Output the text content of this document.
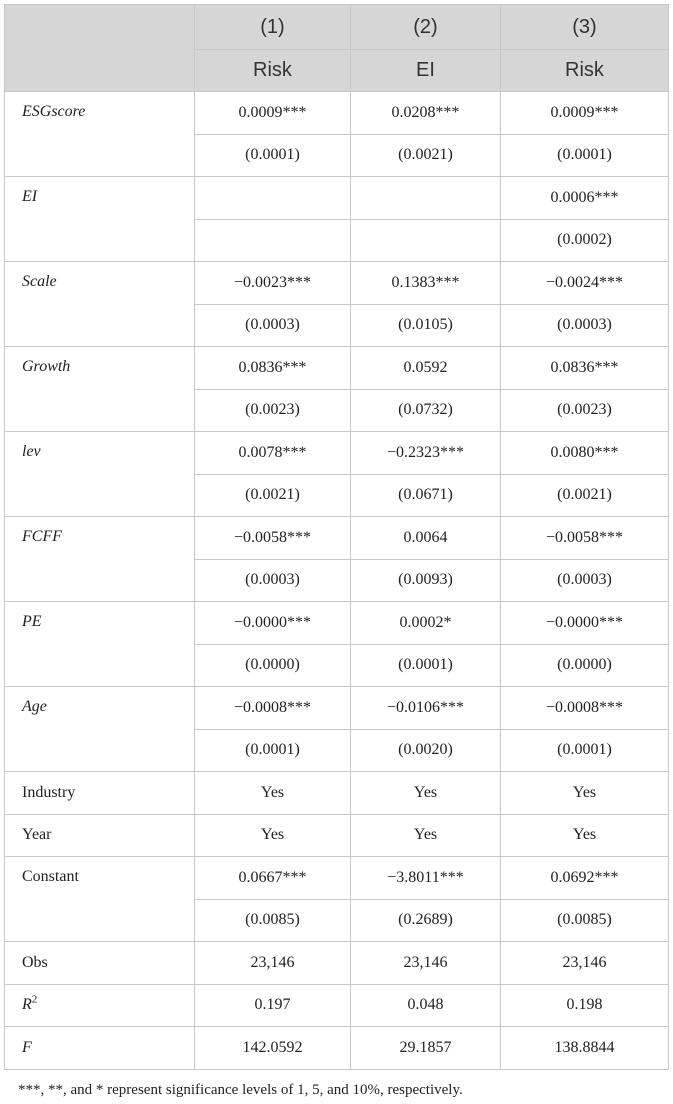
	(1)	(2)	(3)
	Risk	EI	Risk
ESGscore	0.0009***	0.0208***	0.0009***
	(0.0001)	(0.0021)	(0.0001)
EI			0.0006***
			(0.0002)
Scale	−0.0023***	0.1383***	−0.0024***
	(0.0003)	(0.0105)	(0.0003)
Growth	0.0836***	0.0592	0.0836***
	(0.0023)	(0.0732)	(0.0023)
lev	0.0078***	−0.2323***	0.0080***
	(0.0021)	(0.0671)	(0.0021)
FCFF	−0.0058***	0.0064	−0.0058***
	(0.0003)	(0.0093)	(0.0003)
PE	−0.0000***	0.0002*	−0.0000***
	(0.0000)	(0.0001)	(0.0000)
Age	−0.0008***	−0.0106***	−0.0008***
	(0.0001)	(0.0020)	(0.0001)
Industry	Yes	Yes	Yes
Year	Yes	Yes	Yes
Constant	0.0667***	−3.8011***	0.0692***
	(0.0085)	(0.2689)	(0.0085)
Obs	23,146	23,146	23,146
$R^2$	0.197	0.048	0.198
F	142.0592	29.1857	138.8844
***, **, and * represent significance levels of 1, 5, and 10%, respectively.
